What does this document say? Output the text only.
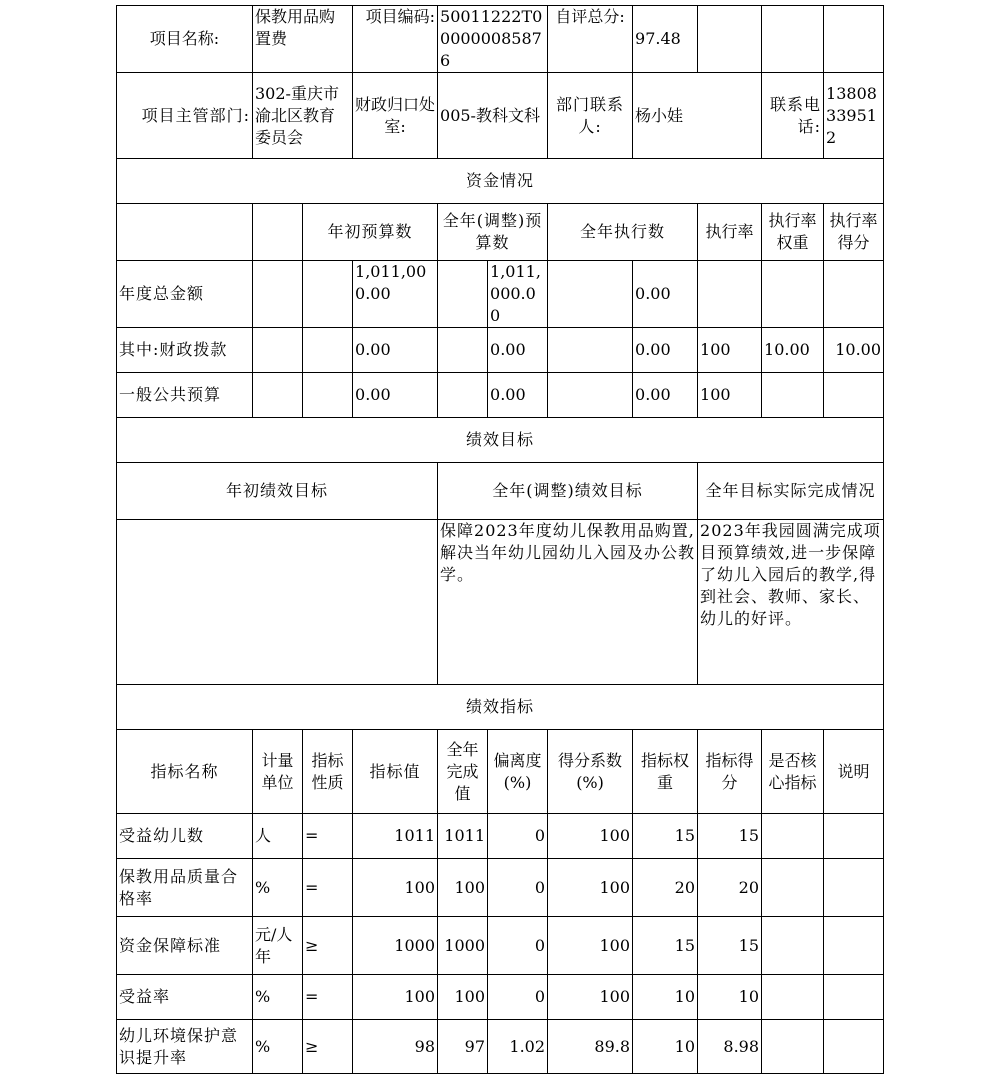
项目名称:	保教用品购置费		项目编码:	50011222T000000085876		自评总分:	97.48			
项目主管部门:	302-重庆市渝北区教育委员会		财政归口处室:	005-教科文科		部门联系人:	杨小娃		联系电话:	13808339512
资金情况										
		年初预算数		全年(调整)预算数		全年执行数		执行率	执行率权重	执行率得分
年度总金额			1,011,000.00		1,011,000.00		0.00			
其中:财政拨款			0.00		0.00		0.00	100	10.00	10.00
一般公共预算			0.00		0.00		0.00	100		
绩效目标										
年初绩效目标				全年(调整)绩效目标				全年目标实际完成情况		
				保障2023年度幼儿保教用品购置,解决当年幼儿园幼儿入园及办公教学。				2023年我园圆满完成项目预算绩效,进一步保障了幼儿入园后的教学,得到社会、教师、家长、幼儿的好评。		
绩效指标										
指标名称	计量单位	指标性质	指标值	全年完成值	偏离度(%)	得分系数(%)	指标权重	指标得分	是否核心指标	说明
受益幼儿数	人	=	1011	1011	0	100	15	15		
保教用品质量合格率	%	=	100	100	0	100	20	20		
资金保障标准	元/人年	≥	1000	1000	0	100	15	15		
受益率	%	=	100	100	0	100	10	10		
幼儿环境保护意识提升率	%	≥	98	97	1.02	89.8	10	8.98		
